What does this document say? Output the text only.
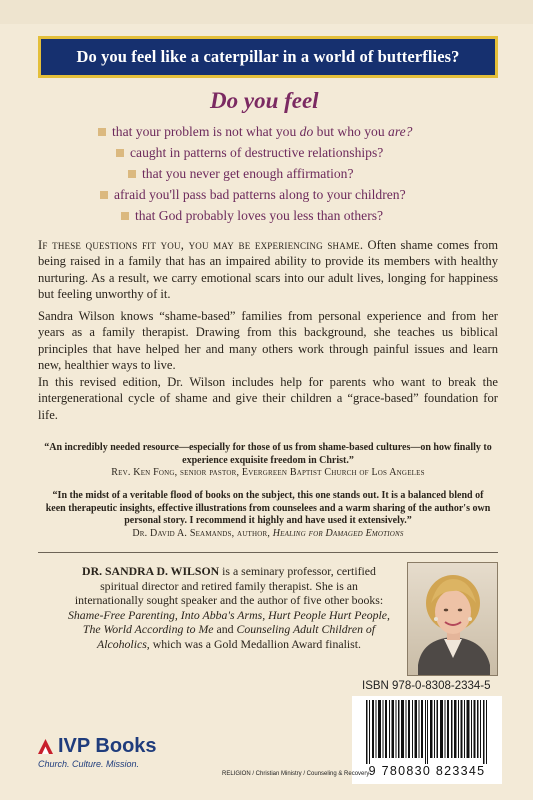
Do you feel like a caterpillar in a world of butterflies?
Do you feel
that your problem is not what you do but who you are?
caught in patterns of destructive relationships?
that you never get enough affirmation?
afraid you'll pass bad patterns along to your children?
that God probably loves you less than others?
If these questions fit you, you may be experiencing shame. Often shame comes from being raised in a family that has an impaired ability to provide its members with healthy nurturing. As a result, we carry emotional scars into our adult lives, longing for happiness but feeling unworthy of it.
Sandra Wilson knows “shame-based” families from personal experience and from her years as a family therapist. Drawing from this background, she teaches us biblical principles that have helped her and many others work through painful issues and learn new, healthier ways to live.
In this revised edition, Dr. Wilson includes help for parents who want to break the intergenerational cycle of shame and give their children a “grace-based” foundation for life.
“An incredibly needed resource—especially for those of us from shame-based cultures—on how finally to experience exquisite freedom in Christ.”
Rev. Ken Fong, senior pastor, Evergreen Baptist Church of Los Angeles
“In the midst of a veritable flood of books on the subject, this one stands out. It is a balanced blend of keen therapeutic insights, effective illustrations from counselees and a warm sharing of the author's own personal story. I recommend it highly and have used it extensively.”
Dr. David A. Seamands, author, Healing for Damaged Emotions
DR. SANDRA D. WILSON is a seminary professor, certified spiritual director and retired family therapist. She is an internationally sought speaker and the author of five other books: Shame-Free Parenting, Into Abba's Arms, Hurt People Hurt People, The World According to Me and Counseling Adult Children of Alcoholics, which was a Gold Medallion Award finalist.
ISBN 978-0-8308-2334-5
9 780830 823345
IVP Books
Church. Culture. Mission.
RELIGION / Christian Ministry / Counseling & Recovery
